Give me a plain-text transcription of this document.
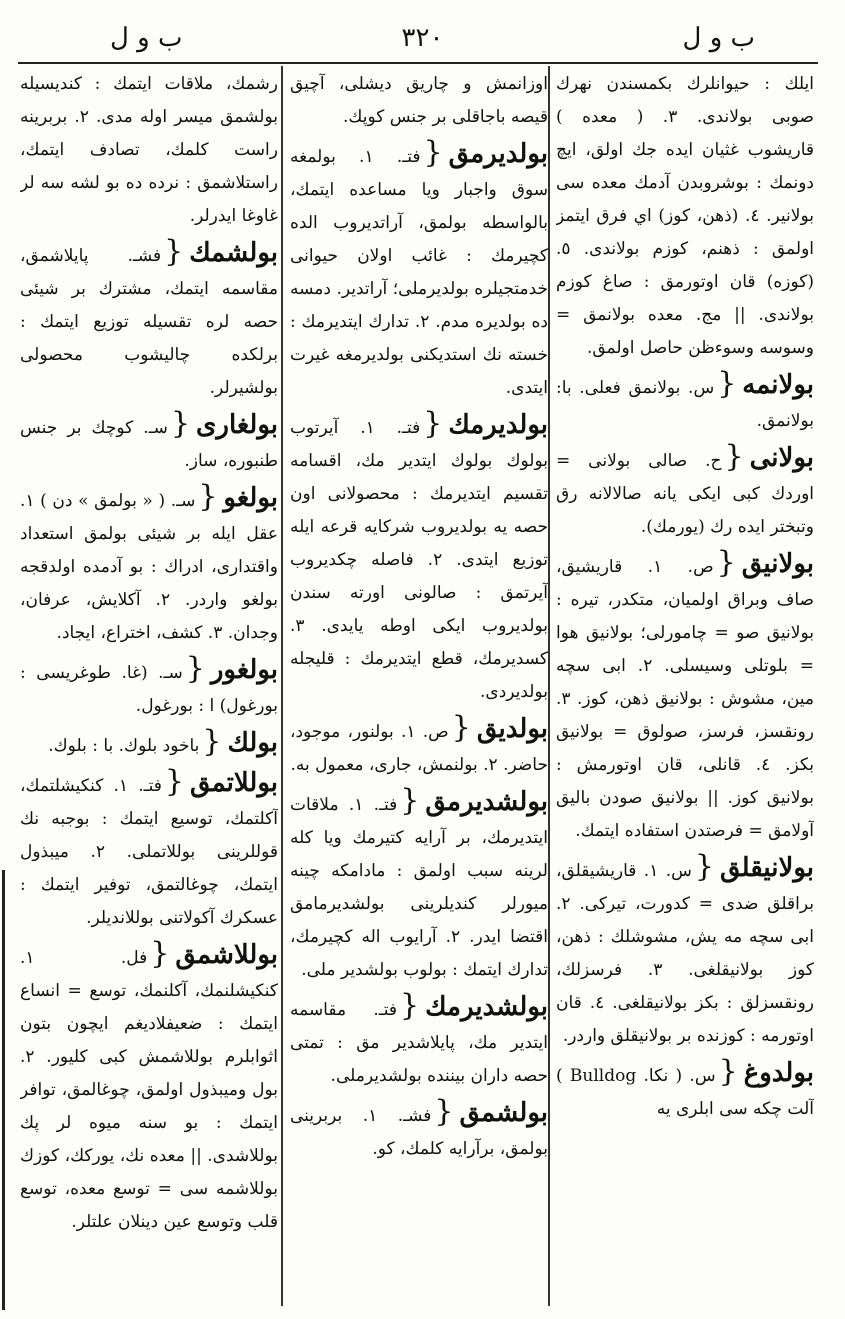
ب و ل
٣٢٠
ب و ل

ايلك : حيوانلرك بكمسندن نهرك صوبى بولاندى. ٣. ( معده ) قاريشوب غثيان ايده جك اولق، ايچ دونمك : بوشروبدن آدمك معده سى بولانير. ٤. (ذهن، كوز) اي فرق ايتمز اولمق : ذهنم، كوزم بولاندى. ٥. (كوزه) قان اوتورمق : صاغ كوزم بولاندى. || مج. معده بولانمق = وسوسه وسوءظن حاصل اولمق.

بولانمه{س. بولانمق فعلى. با: بولانمق.

بولانى{ح. صالى بولانى = اوردك كبى ايكى يانه صالالانه رق وتبختر ايده رك (يورمك).

بولانيق{ص. ١. قاريشيق، صاف وبراق اولميان، متكدر، تيره : بولانيق صو = چامورلى؛ بولانيق هوا = بلوتلى وسيسلى. ٢. ابى سچه مين، مشوش : بولانيق ذهن، كوز. ٣. رونقسز، فرسز، صولوق = بولانيق بكز. ٤. قانلى، قان اوتورمش : بولانيق كوز. || بولانيق صودن باليق آولامق = فرصتدن استفاده ايتمك.

بولانيقلق{س. ١. قاريشيقلق، براقلق ضدى = كدورت، تيركى. ٢. ابى سچه مه يش، مشوشلك : ذهن، كوز بولانيقلغى. ٣. فرسزلك، رونقسزلق : بكز بولانيقلغى. ٤. قان اوتورمه : كوزنده بر بولانيقلق واردر.

بولدوغ{س. ( نكا. Bulldog ) آلت چكه سى ابلرى يه

اوزانمش و چاريق ديشلى، آچيق قيصه باجاقلى بر جنس كوپك.

بولديرمق{فتـ. ١. بولمغه سوق واجبار ويا مساعده ايتمك، بالواسطه بولمق، آراتديروب الده كچيرمك : غائب اولان حيوانى خدمتجيلره بولديرملى؛ آراتدير. دمسه ده بولديره مدم. ٢. تدارك ايتديرمك : خسته نك استديكنى بولديرمغه غيرت ايتدى.

بولديرمك{فتـ. ١. آيرتوب بولوك بولوك ايتدير مك، اقسامه تقسيم ايتديرمك : محصولانى اون حصه يه بولديروب شركايه قرعه ايله توزيع ايتدى. ٢. فاصله چكديروب آيرتمق : صالونى اورته سندن بولديروب ايكى اوطه يايدى. ٣. كسديرمك، قطع ايتديرمك : قليجله بولديردى.

بولديق{ص. ١. بولنور، موجود، حاضر. ٢. بولنمش، جارى، معمول به.

بولشديرمق{فتـ. ١. ملاقات ايتديرمك، بر آرايه كتيرمك ويا كله لرينه سبب اولمق : مادامكه چينه ميورلر كنديلرينى بولشديرمامق اقتضا ايدر. ٢. آرايوب اله كچيرمك، تدارك ايتمك : بولوب بولشدير ملى.

بولشديرمك{فتـ. مقاسمه ايتدير مك، پايلاشدير مق : تمتى حصه داران بيننده بولشديرملى.

بولشمق{فشـ. ١. بربرينى بولمق، برآرايه كلمك، كو.

رشمك، ملاقات ايتمك : كنديسيله بولشمق ميسر اوله مدى. ٢. بربرينه راست كلمك، تصادف ايتمك، راستلاشمق : نرده ده بو لشه سه لر غاوغا ايدرلر.

بولشمك{فشـ. پايلاشمق، مقاسمه ايتمك، مشترك بر شيئى حصه لره تقسيله توزيع ايتمك : برلكده چاليشوب محصولى بولشيرلر.

بولغارى{سـ. كوچك بر جنس طنبوره، ساز.

بولغو{سـ. ( « بولمق » دن ) ١. عقل ايله بر شيئى بولمق استعداد واقتدارى، ادراك : بو آدمده اولدقجه بولغو واردر. ٢. آكلايش، عرفان، وجدان. ٣. كشف، اختراع، ايجاد.

بولغور{سـ. (غا. طوغريسى : بورغول) ا : بورغول.

بولك{باخود بلوك. با : بلوك.

بوللاتمق{فتـ. ١. كنكيشلتمك، آكلتمك، توسيع ايتمك : بوجبه نك قوللرينى بوللاتملى. ٢. ميبذول ايتمك، چوغالتمق، توفير ايتمك : عسكرك آكولاتنى بوللانديلر.

بوللاشمق{فل. ١. كنكيشلنمك، آكلنمك، توسع = انساع ايتمك : ضعيفلاديغم ايچون بتون اثوابلرم بوللاشمش كبى كليور. ٢. بول وميبذول اولمق، چوغالمق، توافر ايتمك : بو سنه ميوه لر پك بوللاشدى. || معده نك، يوركك، كوزك بوللاشمه سى = توسع معده، توسع قلب وتوسع عين دينلان علتلر.
